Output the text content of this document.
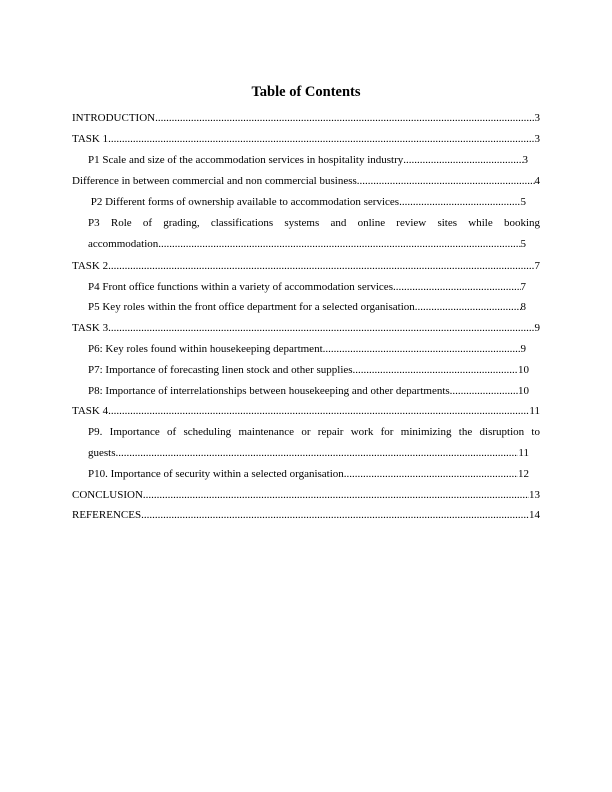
Table of Contents
INTRODUCTION .....	3
TASK 1 .....	3
P1 Scale and size of the accommodation services in hospitality industry .....	3
Difference in between commercial and non commercial business .....	4
P2 Different forms of ownership available to accommodation services .....	5
P3 Role of grading, classifications systems and online review sites while booking
accommodation .....	5
TASK 2 .....	7
P4 Front office functions within a variety of accommodation services .....	7
P5 Key roles within the front office department for a selected organisation .....	8
TASK 3 .....	9
P6: Key roles found within housekeeping department .....	9
P7: Importance of forecasting linen stock and other supplies .....	10
P8: Importance of interrelationships between housekeeping and other departments .....	10
TASK 4 .....	11
P9. Importance of scheduling maintenance or repair work for minimizing the disruption to
guests .....	11
P10. Importance of security within a selected organisation .....	12
CONCLUSION .....	13
REFERENCES .....	14
